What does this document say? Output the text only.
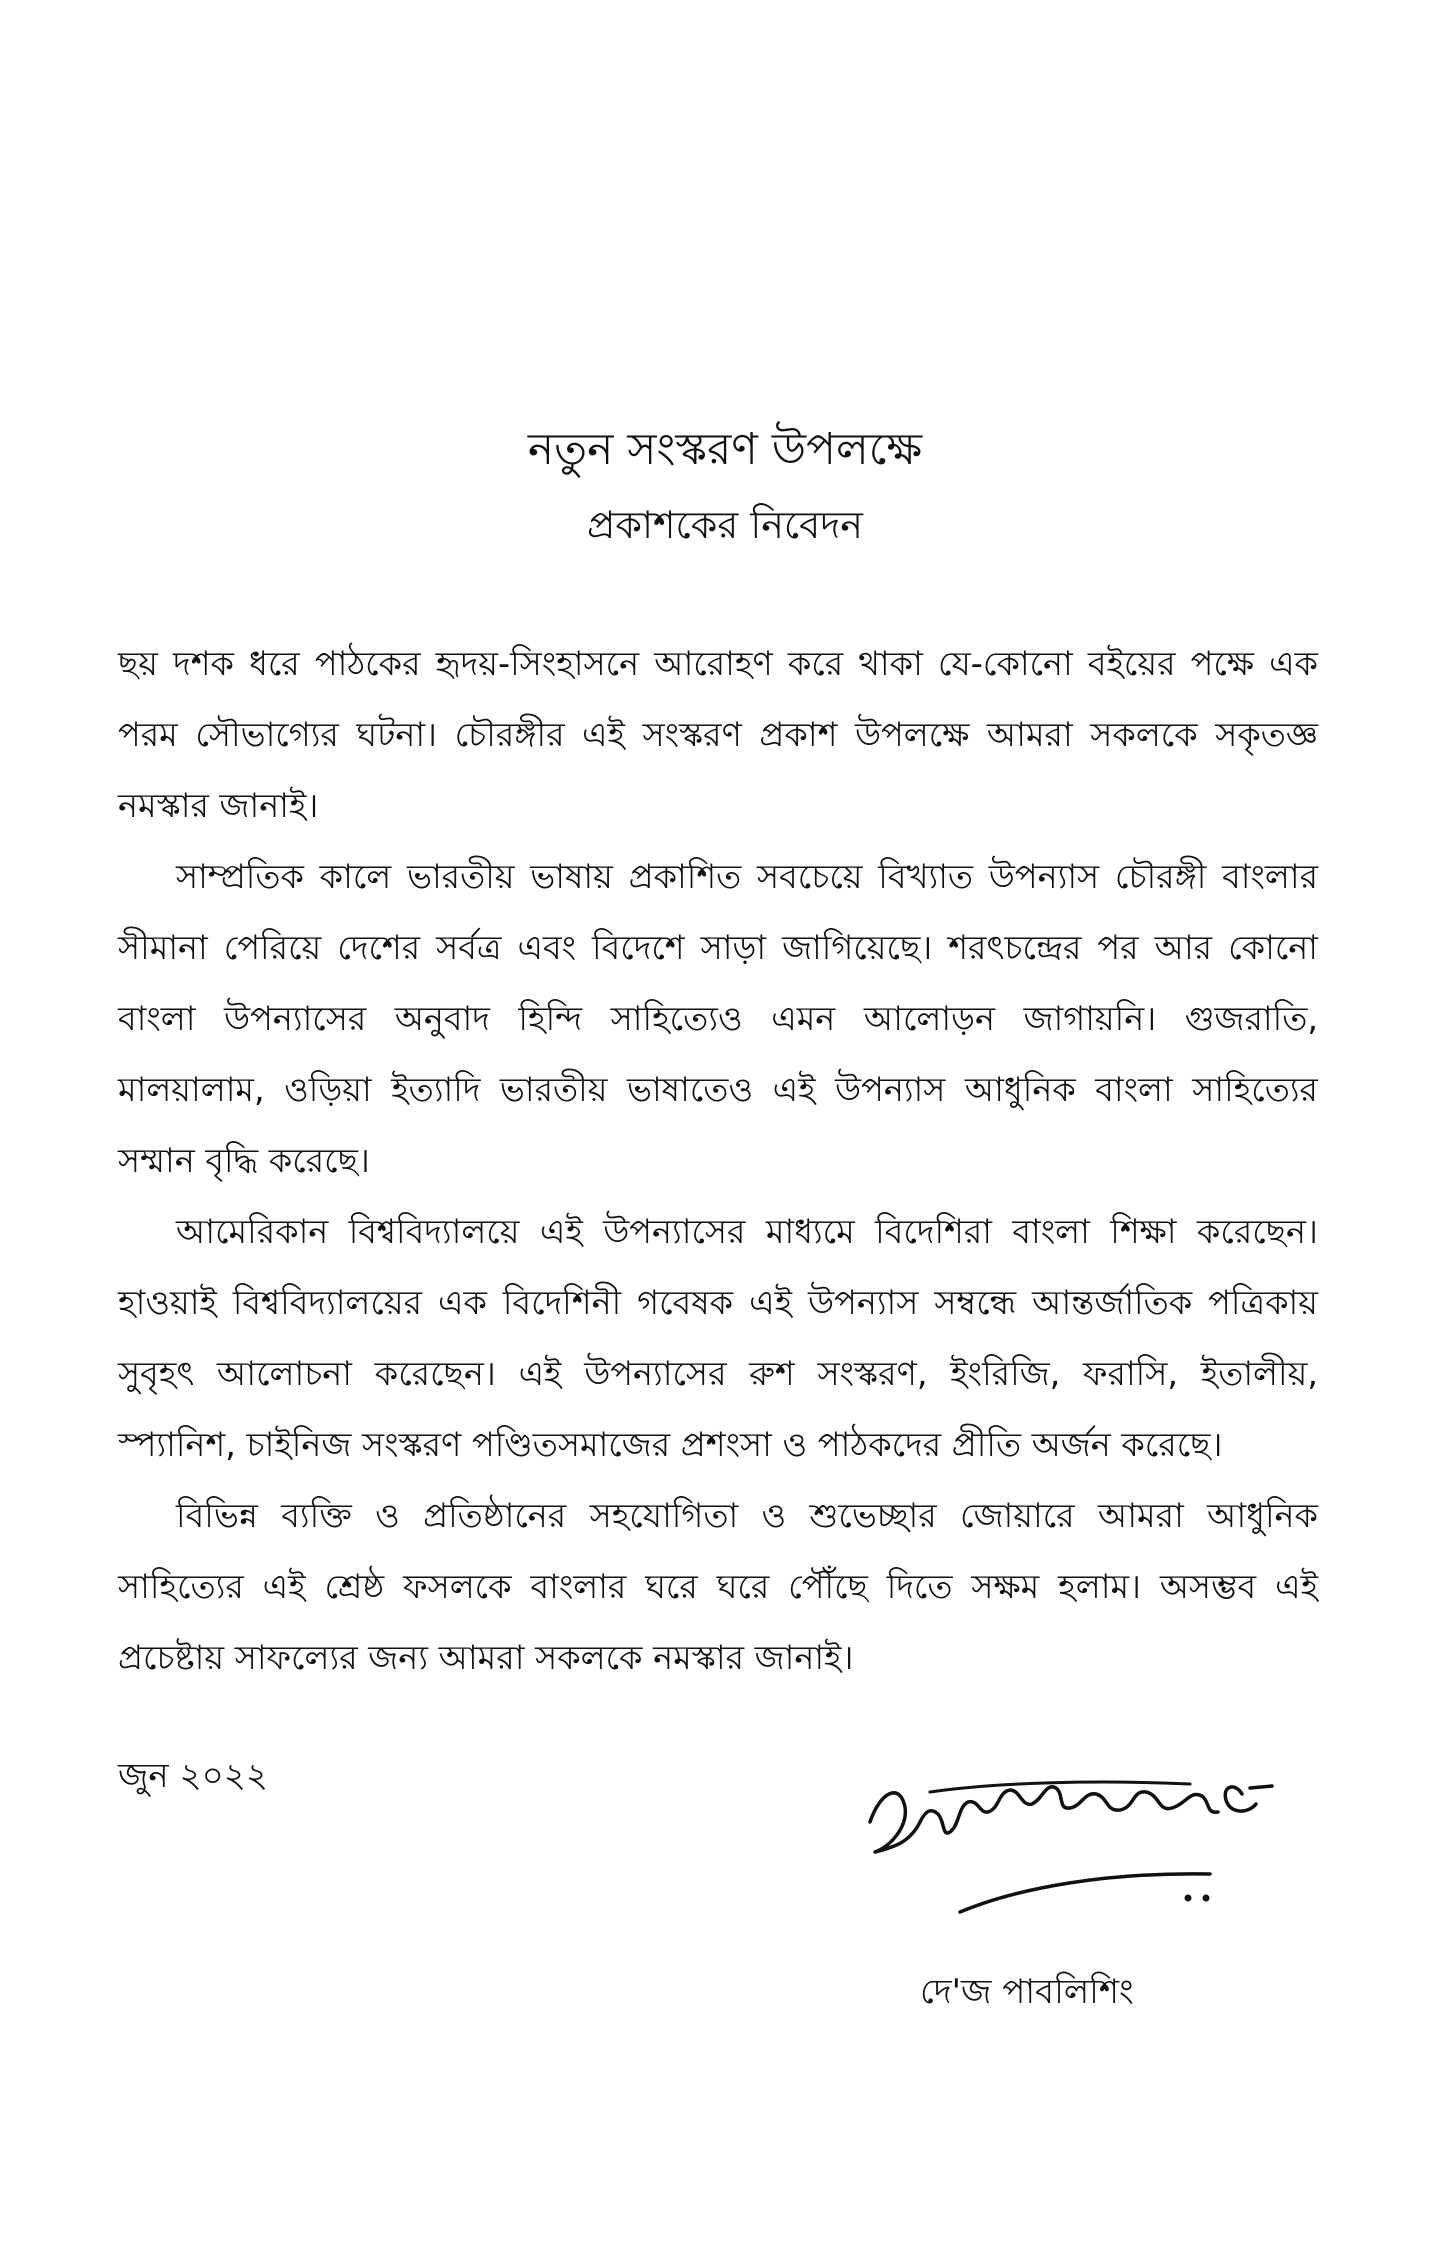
নতুন সংস্করণ উপলক্ষে
প্রকাশকের নিবেদন

ছয় দশক ধরে পাঠকের হৃদয়-সিংহাসনে আরোহণ করে থাকা যে-কোনো বইয়ের পক্ষে এক পরম সৌভাগ্যের ঘটনা। চৌরঙ্গীর এই সংস্করণ প্রকাশ উপলক্ষে আমরা সকলকে সকৃতজ্ঞ নমস্কার জানাই।

সাম্প্রতিক কালে ভারতীয় ভাষায় প্রকাশিত সবচেয়ে বিখ্যাত উপন্যাস চৌরঙ্গী বাংলার সীমানা পেরিয়ে দেশের সর্বত্র এবং বিদেশে সাড়া জাগিয়েছে। শরৎচন্দ্রের পর আর কোনো বাংলা উপন্যাসের অনুবাদ হিন্দি সাহিত্যেও এমন আলোড়ন জাগায়নি। গুজরাতি, মালয়ালাম, ওড়িয়া ইত্যাদি ভারতীয় ভাষাতেও এই উপন্যাস আধুনিক বাংলা সাহিত্যের সম্মান বৃদ্ধি করেছে।

আমেরিকান বিশ্ববিদ্যালয়ে এই উপন্যাসের মাধ্যমে বিদেশিরা বাংলা শিক্ষা করেছেন। হাওয়াই বিশ্ববিদ্যালয়ের এক বিদেশিনী গবেষক এই উপন্যাস সম্বন্ধে আন্তর্জাতিক পত্রিকায় সুবৃহৎ আলোচনা করেছেন। এই উপন্যাসের রুশ সংস্করণ, ইংরিজি, ফরাসি, ইতালীয়, স্প্যানিশ, চাইনিজ সংস্করণ পণ্ডিতসমাজের প্রশংসা ও পাঠকদের প্রীতি অর্জন করেছে।

বিভিন্ন ব্যক্তি ও প্রতিষ্ঠানের সহযোগিতা ও শুভেচ্ছার জোয়ারে আমরা আধুনিক সাহিত্যের এই শ্রেষ্ঠ ফসলকে বাংলার ঘরে ঘরে পৌঁছে দিতে সক্ষম হলাম। অসম্ভব এই প্রচেষ্টায় সাফল্যের জন্য আমরা সকলকে নমস্কার জানাই।

জুন ২০২২
দে'জ পাবলিশিং
